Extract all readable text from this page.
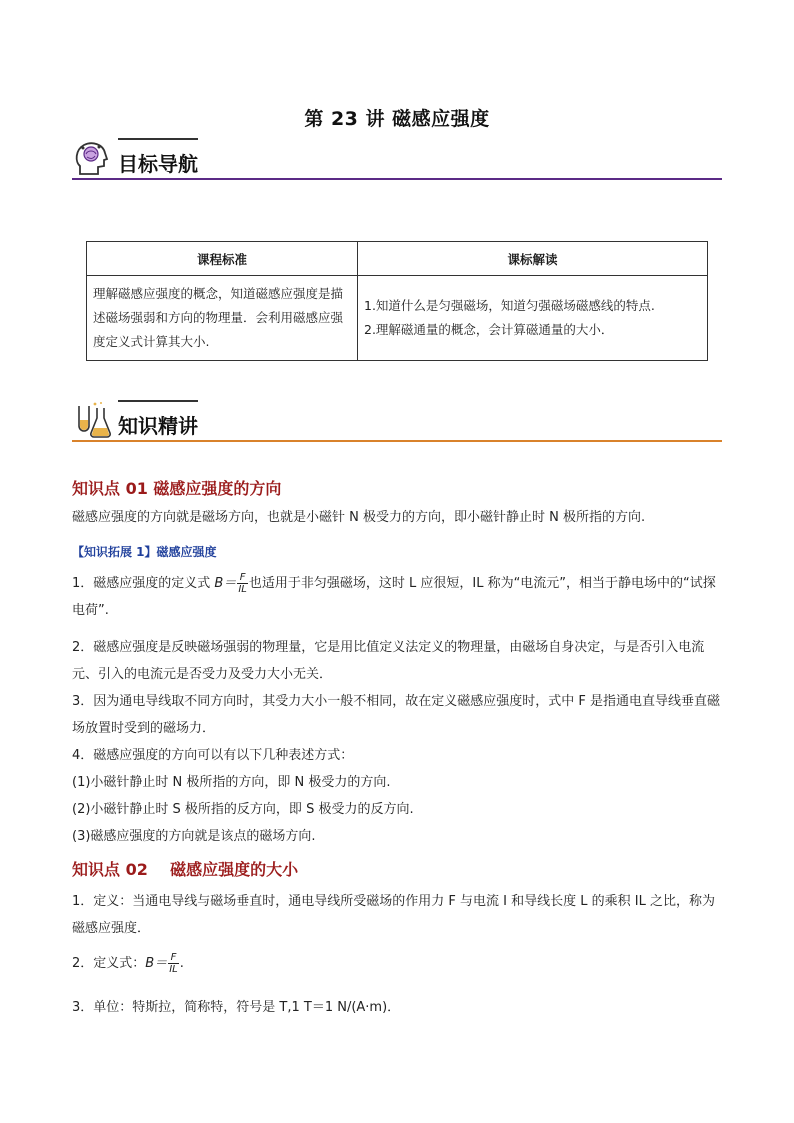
第 23 讲 磁感应强度
目标导航
课程标准	课标解读
理解磁感应强度的概念，知道磁感应强度是描述磁场强弱和方向的物理量．会利用磁感应强度定义式计算其大小.	1.知道什么是匀强磁场，知道匀强磁场磁感线的特点.
2.理解磁通量的概念，会计算磁通量的大小．
知识精讲
知识点 01 磁感应强度的方向
磁感应强度的方向就是磁场方向，也就是小磁针 N 极受力的方向，即小磁针静止时 N 极所指的方向.
【知识拓展 1】磁感应强度
1．磁感应强度的定义式 $B= \frac{F}{IL}$ 也适用于非匀强磁场，这时 L 应很短，IL 称为“电流元”，相当于静电场中的“试探电荷”.
2．磁感应强度是反映磁场强弱的物理量，它是用比值定义法定义的物理量，由磁场自身决定，与是否引入电流元、引入的电流元是否受力及受力大小无关．
3．因为通电导线取不同方向时，其受力大小一般不相同，故在定义磁感应强度时，式中 F 是指通电直导线垂直磁场放置时受到的磁场力．
4．磁感应强度的方向可以有以下几种表述方式：
(1)小磁针静止时 N 极所指的方向，即 N 极受力的方向.
(2)小磁针静止时 S 极所指的反方向，即 S 极受力的反方向.
(3)磁感应强度的方向就是该点的磁场方向.
知识点 02    磁感应强度的大小
1．定义：当通电导线与磁场垂直时，通电导线所受磁场的作用力 F 与电流 I 和导线长度 L 的乘积 IL 之比，称为磁感应强度．
2．定义式：$B= \frac{F}{IL}$ .
3．单位：特斯拉，简称特，符号是 T,1 T＝1 N/(A·m)．
